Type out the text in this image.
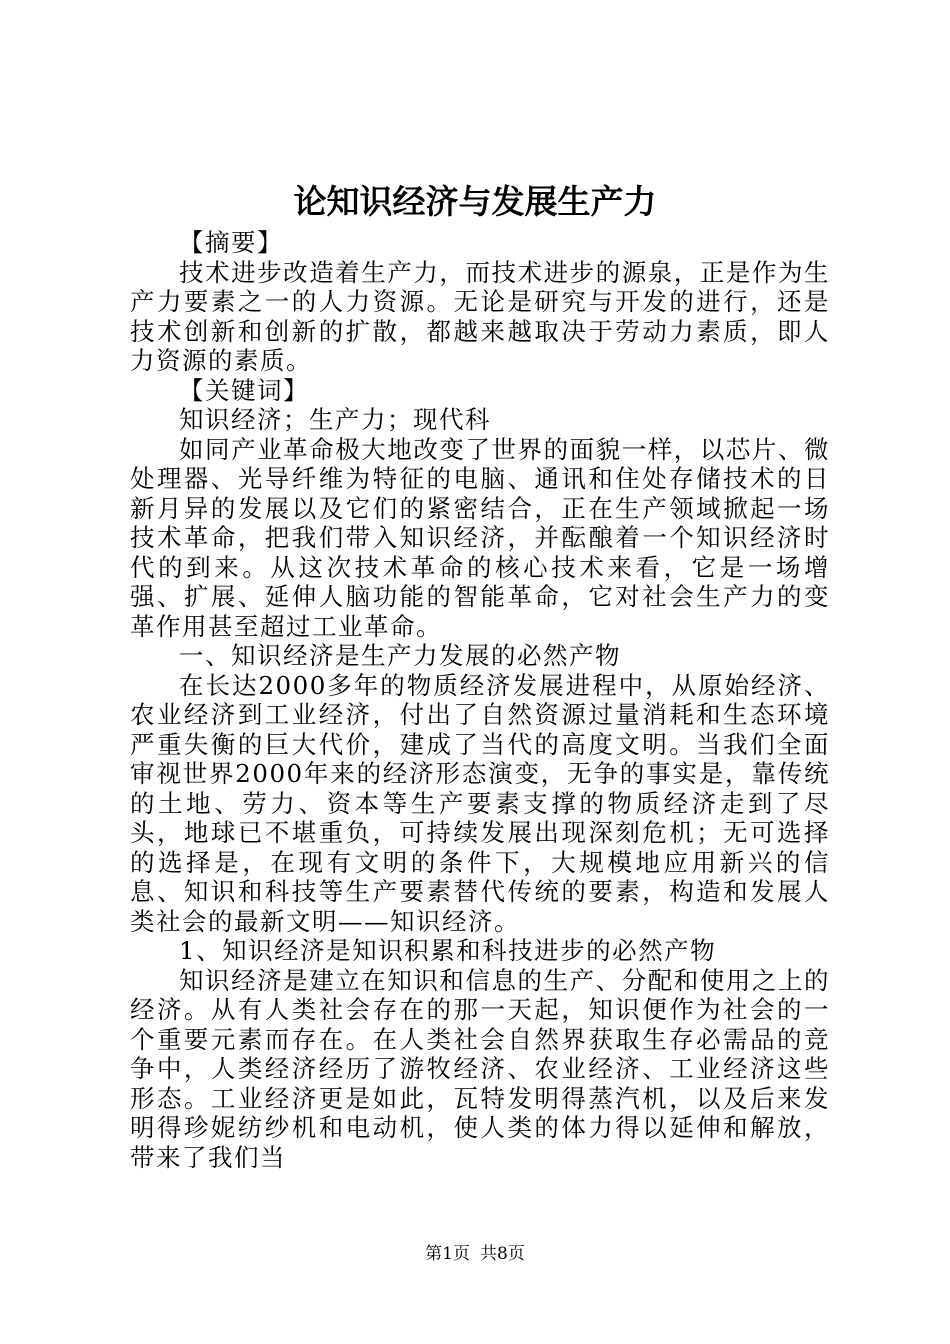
论知识经济与发展生产力

【摘要】

技术进步改造着生产力，而技术进步的源泉，正是作为生产力要素之一的人力资源。无论是研究与开发的进行，还是技术创新和创新的扩散，都越来越取决于劳动力素质，即人力资源的素质。

【关键词】

知识经济；生产力；现代科

如同产业革命极大地改变了世界的面貌一样，以芯片、微处理器、光导纤维为特征的电脑、通讯和住处存储技术的日新月异的发展以及它们的紧密结合，正在生产领域掀起一场技术革命，把我们带入知识经济，并酝酿着一个知识经济时代的到来。从这次技术革命的核心技术来看，它是一场增强、扩展、延伸人脑功能的智能革命，它对社会生产力的变革作用甚至超过工业革命。

一、知识经济是生产力发展的必然产物

在长达2000多年的物质经济发展进程中，从原始经济、农业经济到工业经济，付出了自然资源过量消耗和生态环境严重失衡的巨大代价，建成了当代的高度文明。当我们全面审视世界2000年来的经济形态演变，无争的事实是，靠传统的土地、劳力、资本等生产要素支撑的物质经济走到了尽头，地球已不堪重负，可持续发展出现深刻危机；无可选择的选择是，在现有文明的条件下，大规模地应用新兴的信息、知识和科技等生产要素替代传统的要素，构造和发展人类社会的最新文明——知识经济。

1、知识经济是知识积累和科技进步的必然产物

知识经济是建立在知识和信息的生产、分配和使用之上的经济。从有人类社会存在的那一天起，知识便作为社会的一个重要元素而存在。在人类社会自然界获取生存必需品的竞争中，人类经济经历了游牧经济、农业经济、工业经济这些形态。工业经济更是如此，瓦特发明得蒸汽机，以及后来发明得珍妮纺纱机和电动机，使人类的体力得以延伸和解放，带来了我们当

第1页 共8页
